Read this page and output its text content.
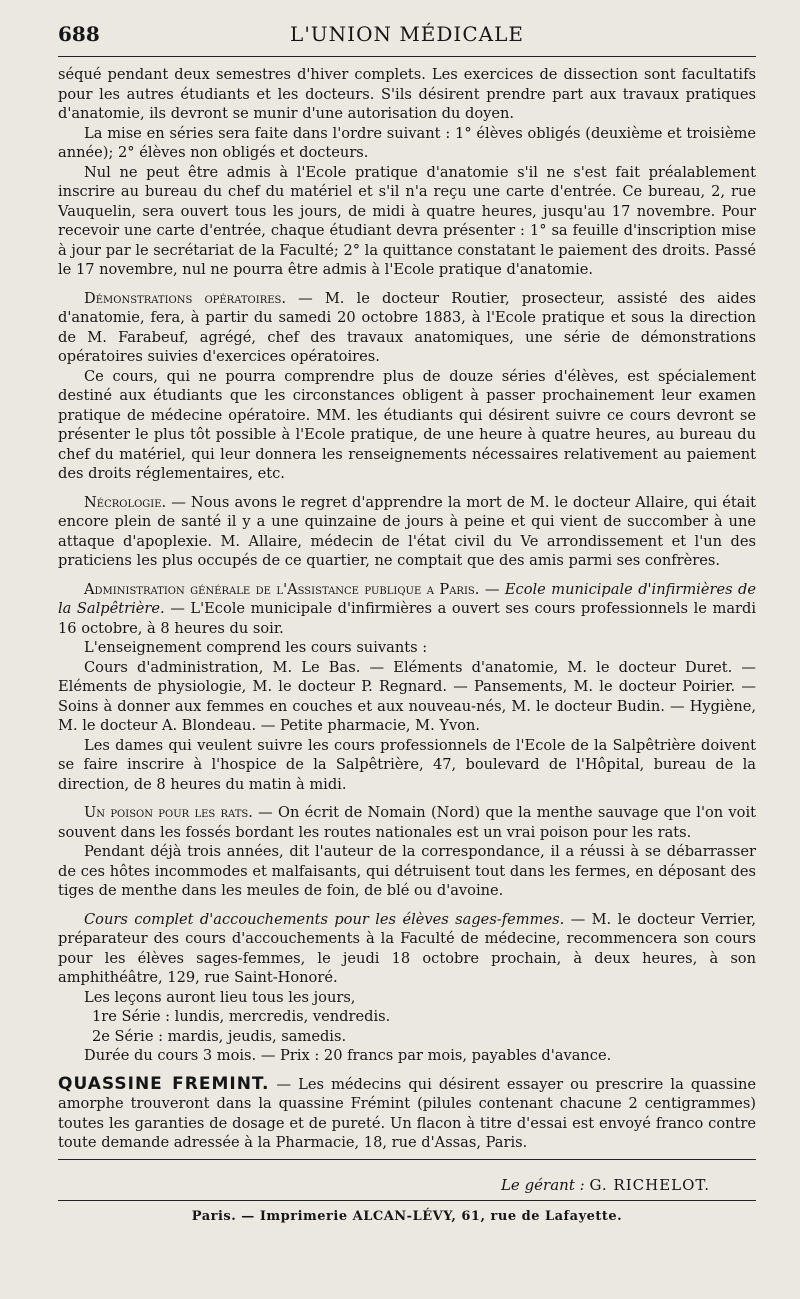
688	L'UNION MÉDICALE

séqué pendant deux semestres d'hiver complets. Les exercices de dissection sont facultatifs pour les autres étudiants et les docteurs. S'ils désirent prendre part aux travaux pratiques d'anatomie, ils devront se munir d'une autorisation du doyen.

La mise en séries sera faite dans l'ordre suivant : 1° élèves obligés (deuxième et troisième année); 2° élèves non obligés et docteurs.

Nul ne peut être admis à l'Ecole pratique d'anatomie s'il ne s'est fait préalablement inscrire au bureau du chef du matériel et s'il n'a reçu une carte d'entrée. Ce bureau, 2, rue Vauquelin, sera ouvert tous les jours, de midi à quatre heures, jusqu'au 17 novembre. Pour recevoir une carte d'entrée, chaque étudiant devra présenter : 1° sa feuille d'inscription mise à jour par le secrétariat de la Faculté; 2° la quittance constatant le paiement des droits. Passé le 17 novembre, nul ne pourra être admis à l'Ecole pratique d'anatomie.

Démonstrations opératoires. — M. le docteur Routier, prosecteur, assisté des aides d'anatomie, fera, à partir du samedi 20 octobre 1883, à l'Ecole pratique et sous la direction de M. Farabeuf, agrégé, chef des travaux anatomiques, une série de démonstrations opératoires suivies d'exercices opératoires.

Ce cours, qui ne pourra comprendre plus de douze séries d'élèves, est spécialement destiné aux étudiants que les circonstances obligent à passer prochainement leur examen pratique de médecine opératoire. MM. les étudiants qui désirent suivre ce cours devront se présenter le plus tôt possible à l'Ecole pratique, de une heure à quatre heures, au bureau du chef du matériel, qui leur donnera les renseignements nécessaires relativement au paiement des droits réglementaires, etc.

Nécrologie. — Nous avons le regret d'apprendre la mort de M. le docteur Allaire, qui était encore plein de santé il y a une quinzaine de jours à peine et qui vient de succomber à une attaque d'apoplexie. M. Allaire, médecin de l'état civil du Ve arrondissement et l'un des praticiens les plus occupés de ce quartier, ne comptait que des amis parmi ses confrères.

Administration générale de l'Assistance publique a Paris. — Ecole municipale d'infirmières de la Salpêtrière. — L'Ecole municipale d'infirmières a ouvert ses cours professionnels le mardi 16 octobre, à 8 heures du soir.

L'enseignement comprend les cours suivants :

Cours d'administration, M. Le Bas. — Eléments d'anatomie, M. le docteur Duret. — Eléments de physiologie, M. le docteur P. Regnard. — Pansements, M. le docteur Poirier. — Soins à donner aux femmes en couches et aux nouveau-nés, M. le docteur Budin. — Hygiène, M. le docteur A. Blondeau. — Petite pharmacie, M. Yvon.

Les dames qui veulent suivre les cours professionnels de l'Ecole de la Salpêtrière doivent se faire inscrire à l'hospice de la Salpêtrière, 47, boulevard de l'Hôpital, bureau de la direction, de 8 heures du matin à midi.

Un poison pour les rats. — On écrit de Nomain (Nord) que la menthe sauvage que l'on voit souvent dans les fossés bordant les routes nationales est un vrai poison pour les rats.

Pendant déjà trois années, dit l'auteur de la correspondance, il a réussi à se débarrasser de ces hôtes incommodes et malfaisants, qui détruisent tout dans les fermes, en déposant des tiges de menthe dans les meules de foin, de blé ou d'avoine.

Cours complet d'accouchements pour les élèves sages-femmes. — M. le docteur Verrier, préparateur des cours d'accouchements à la Faculté de médecine, recommencera son cours pour les élèves sages-femmes, le jeudi 18 octobre prochain, à deux heures, à son amphithéâtre, 129, rue Saint-Honoré.

Les leçons auront lieu tous les jours,

1re Série : lundis, mercredis, vendredis.

2e Série : mardis, jeudis, samedis.

Durée du cours 3 mois. — Prix : 20 francs par mois, payables d'avance.

QUASSINE FREMINT. — Les médecins qui désirent essayer ou prescrire la quassine amorphe trouveront dans la quassine Frémint (pilules contenant chacune 2 centigrammes) toutes les garanties de dosage et de pureté. Un flacon à titre d'essai est envoyé franco contre toute demande adressée à la Pharmacie, 18, rue d'Assas, Paris.

Le gérant : G. RICHELOT.
Paris. — Imprimerie ALCAN-LÉVY, 61, rue de Lafayette.
